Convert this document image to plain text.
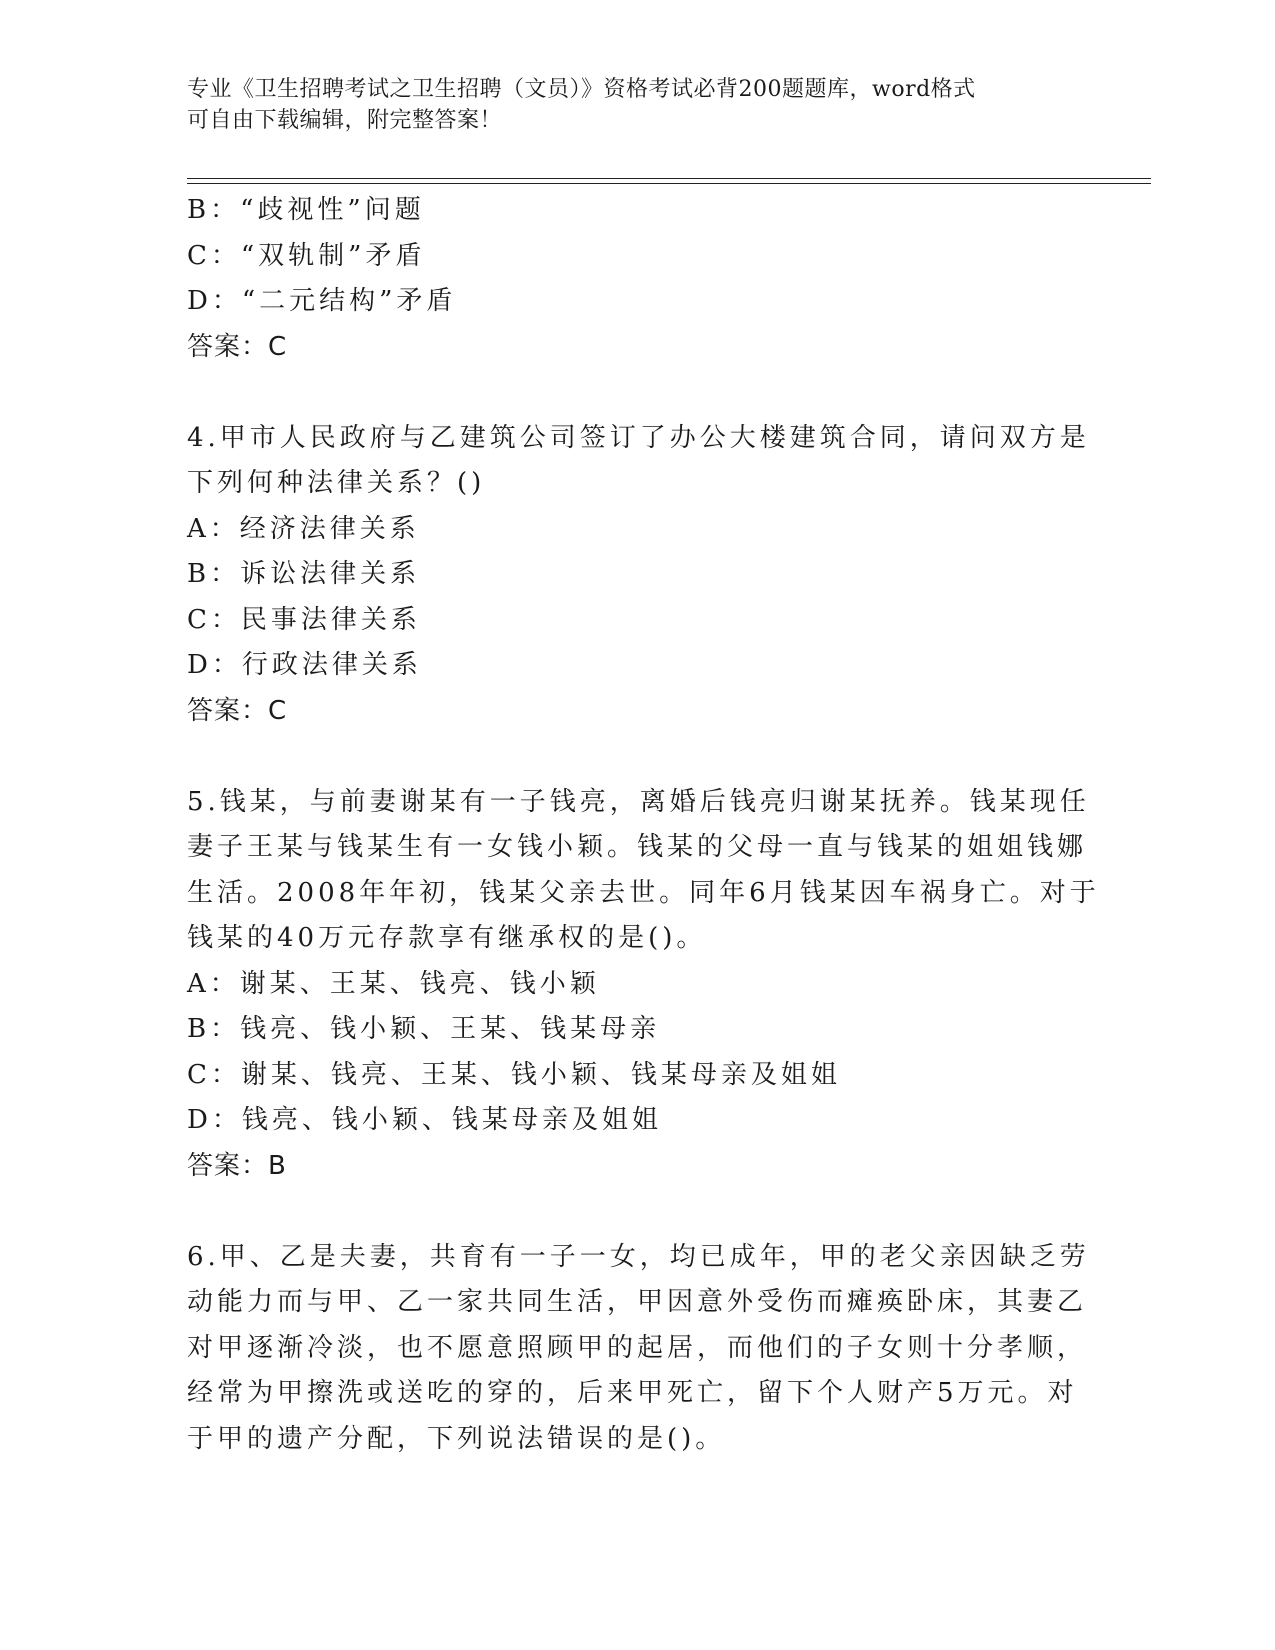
专业《卫生招聘考试之卫生招聘（文员）》资格考试必背200题题库，word格式
可自由下载编辑，附完整答案！
B：“歧视性”问题
C：“双轨制”矛盾
D：“二元结构”矛盾
答案：C
4.甲市人民政府与乙建筑公司签订了办公大楼建筑合同，请问双方是
下列何种法律关系？()
A：经济法律关系
B：诉讼法律关系
C：民事法律关系
D：行政法律关系
答案：C
5.钱某，与前妻谢某有一子钱亮，离婚后钱亮归谢某抚养。钱某现任
妻子王某与钱某生有一女钱小颖。钱某的父母一直与钱某的姐姐钱娜
生活。2008年年初，钱某父亲去世。同年6月钱某因车祸身亡。对于
钱某的40万元存款享有继承权的是()。
A：谢某、王某、钱亮、钱小颖
B：钱亮、钱小颖、王某、钱某母亲
C：谢某、钱亮、王某、钱小颖、钱某母亲及姐姐
D：钱亮、钱小颖、钱某母亲及姐姐
答案：B
6.甲、乙是夫妻，共育有一子一女，均已成年，甲的老父亲因缺乏劳
动能力而与甲、乙一家共同生活，甲因意外受伤而瘫痪卧床，其妻乙
对甲逐渐冷淡，也不愿意照顾甲的起居，而他们的子女则十分孝顺，
经常为甲擦洗或送吃的穿的，后来甲死亡，留下个人财产5万元。对
于甲的遗产分配，下列说法错误的是()。
